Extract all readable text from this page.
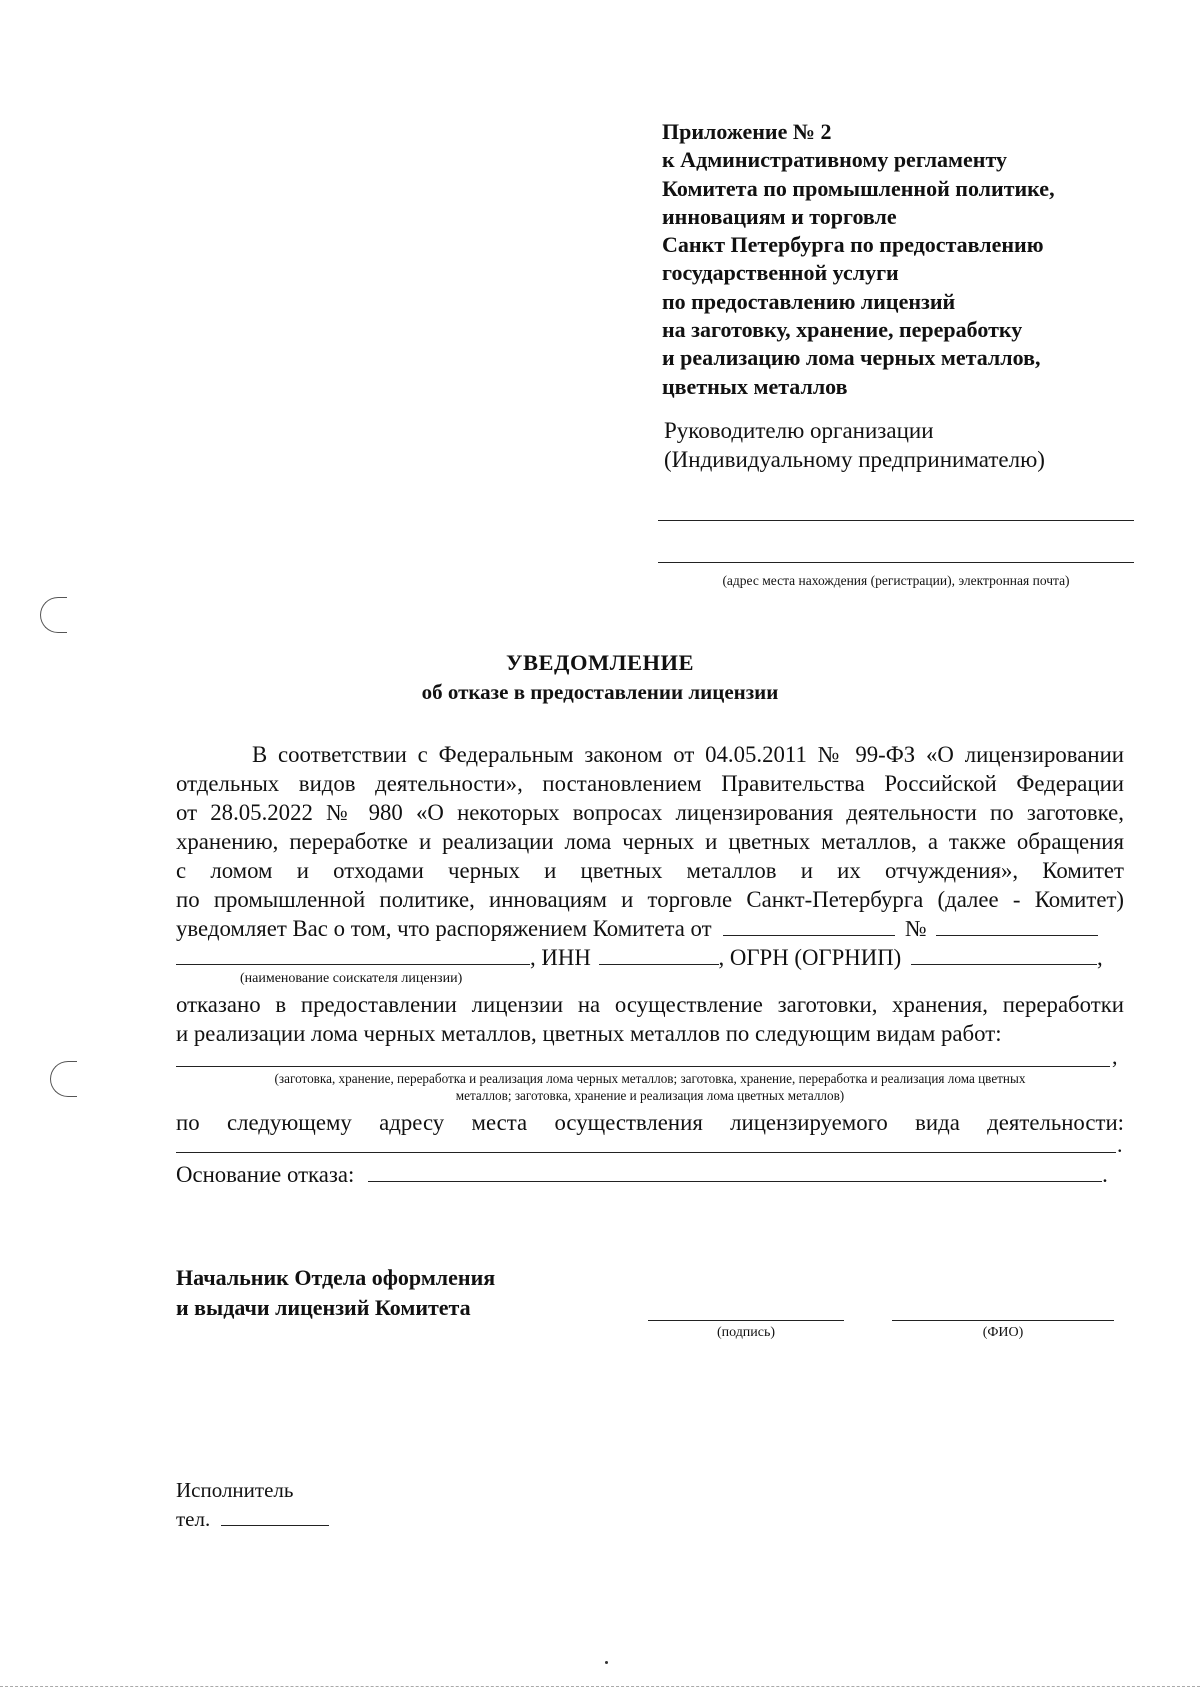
Приложение № 2
к Административному регламенту
Комитета по промышленной политике,
инновациям и торговле
Санкт Петербурга по предоставлению
государственной услуги
по предоставлению лицензий
на заготовку, хранение, переработку
и реализацию лома черных металлов,
цветных металлов
Руководителю организации
(Индивидуальному предпринимателю)
(адрес места нахождения (регистрации), электронная почта)
УВЕДОМЛЕНИЕ
об отказе в предоставлении лицензии
В соответствии с Федеральным законом от 04.05.2011 № 99-ФЗ «О лицензировании
отдельных видов деятельности», постановлением Правительства Российской Федерации
от 28.05.2022 № 980 «О некоторых вопросах лицензирования деятельности по заготовке,
хранению, переработке и реализации лома черных и цветных металлов, а также обращения
с ломом и отходами черных и цветных металлов и их отчуждения», Комитет
по промышленной политике, инновациям и торговле Санкт-Петербурга (далее - Комитет)
уведомляет Вас о том, что распоряжением Комитета от	№
, ИНН	, ОГРН (ОГРНИП)	,
(наименование соискателя лицензии)
отказано в предоставлении лицензии на осуществление заготовки, хранения, переработки
и реализации лома черных металлов, цветных металлов по следующим видам работ:
,
(заготовка, хранение, переработка и реализация лома черных металлов; заготовка, хранение, переработка и реализация лома цветных
металлов; заготовка, хранение и реализация лома цветных металлов)
по следующему адресу места осуществления лицензируемого вида деятельности:
.
Основание отказа:	.
Начальник Отдела оформления
и выдачи лицензий Комитета
(подпись)	(ФИО)
Исполнитель
тел.
